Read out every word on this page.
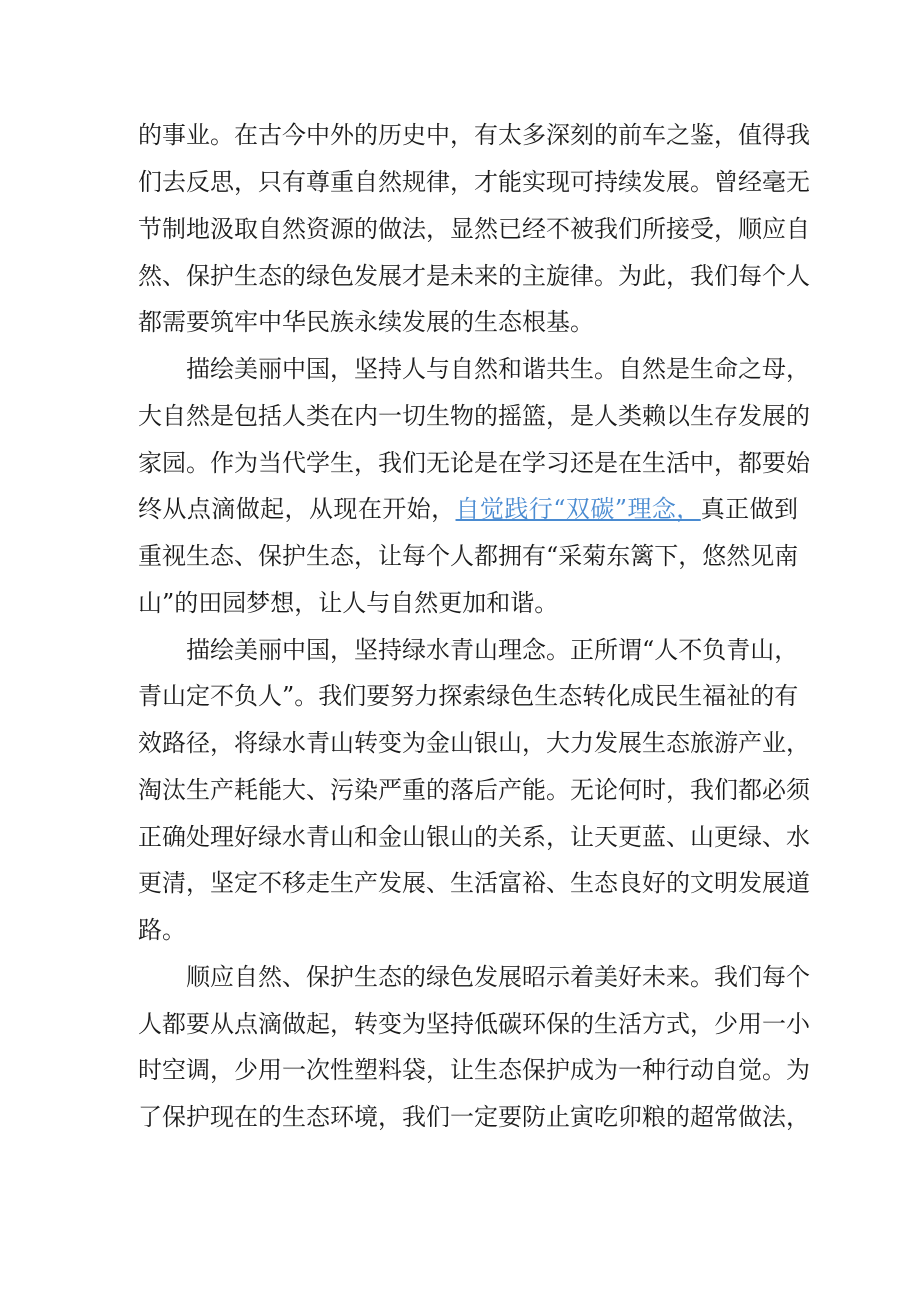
的事业。在古今中外的历史中，有太多深刻的前车之鉴，值得我
们去反思，只有尊重自然规律，才能实现可持续发展。曾经毫无
节制地汲取自然资源的做法，显然已经不被我们所接受，顺应自
然、保护生态的绿色发展才是未来的主旋律。为此，我们每个人
都需要筑牢中华民族永续发展的生态根基。
描绘美丽中国，坚持人与自然和谐共生。自然是生命之母，
大自然是包括人类在内一切生物的摇篮，是人类赖以生存发展的
家园。作为当代学生，我们无论是在学习还是在生活中，都要始
终从点滴做起，从现在开始，自觉践行“双碳”理念，真正做到
重视生态、保护生态，让每个人都拥有“采菊东篱下，悠然见南
山”的田园梦想，让人与自然更加和谐。
描绘美丽中国，坚持绿水青山理念。正所谓“人不负青山，
青山定不负人”。我们要努力探索绿色生态转化成民生福祉的有
效路径，将绿水青山转变为金山银山，大力发展生态旅游产业，
淘汰生产耗能大、污染严重的落后产能。无论何时，我们都必须
正确处理好绿水青山和金山银山的关系，让天更蓝、山更绿、水
更清，坚定不移走生产发展、生活富裕、生态良好的文明发展道
路。
顺应自然、保护生态的绿色发展昭示着美好未来。我们每个
人都要从点滴做起，转变为坚持低碳环保的生活方式，少用一小
时空调，少用一次性塑料袋，让生态保护成为一种行动自觉。为
了保护现在的生态环境，我们一定要防止寅吃卯粮的超常做法，
